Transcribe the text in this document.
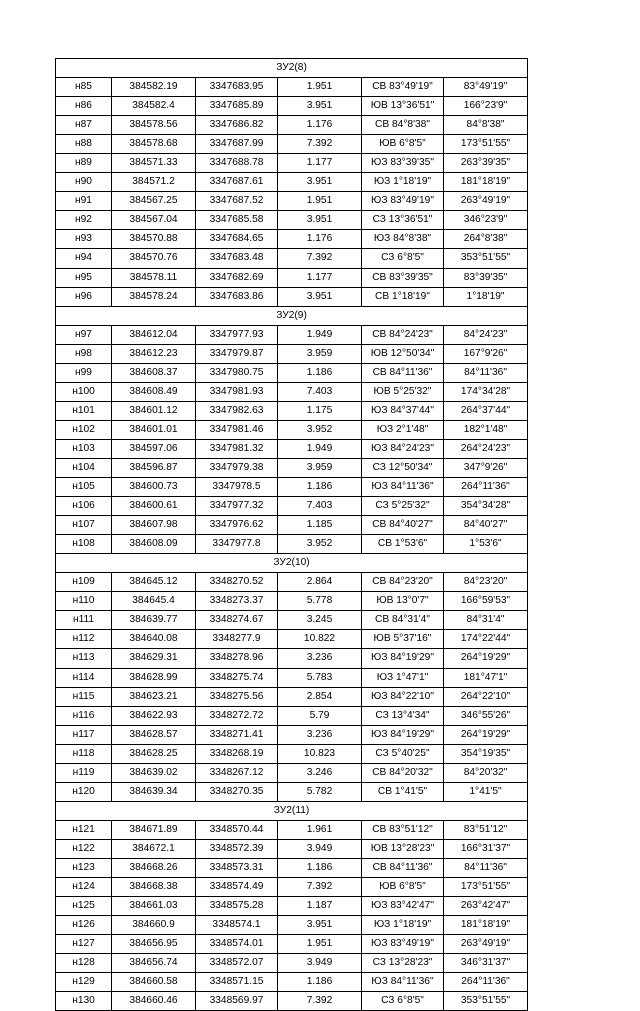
ЗУ2(8)					
н85	384582.19	3347683.95	1.951	СВ 83°49'19"	83°49'19"
н86	384582.4	3347685.89	3.951	ЮВ 13°36'51"	166°23'9"
н87	384578.56	3347686.82	1.176	СВ 84°8'38"	84°8'38"
н88	384578.68	3347687.99	7.392	ЮВ 6°8'5"	173°51'55"
н89	384571.33	3347688.78	1.177	ЮЗ 83°39'35"	263°39'35"
н90	384571.2	3347687.61	3.951	ЮЗ 1°18'19"	181°18'19"
н91	384567.25	3347687.52	1.951	ЮЗ 83°49'19"	263°49'19"
н92	384567.04	3347685.58	3.951	СЗ 13°36'51"	346°23'9"
н93	384570.88	3347684.65	1.176	ЮЗ 84°8'38"	264°8'38"
н94	384570.76	3347683.48	7.392	СЗ 6°8'5"	353°51'55"
н95	384578.11	3347682.69	1.177	СВ 83°39'35"	83°39'35"
н96	384578.24	3347683.86	3.951	СВ 1°18'19"	1°18'19"
ЗУ2(9)					
н97	384612.04	3347977.93	1.949	СВ 84°24'23"	84°24'23"
н98	384612.23	3347979.87	3.959	ЮВ 12°50'34"	167°9'26"
н99	384608.37	3347980.75	1.186	СВ 84°11'36"	84°11'36"
н100	384608.49	3347981.93	7.403	ЮВ 5°25'32"	174°34'28"
н101	384601.12	3347982.63	1.175	ЮЗ 84°37'44"	264°37'44"
н102	384601.01	3347981.46	3.952	ЮЗ 2°1'48"	182°1'48"
н103	384597.06	3347981.32	1.949	ЮЗ 84°24'23"	264°24'23"
н104	384596.87	3347979.38	3.959	СЗ 12°50'34"	347°9'26"
н105	384600.73	3347978.5	1.186	ЮЗ 84°11'36"	264°11'36"
н106	384600.61	3347977.32	7.403	СЗ 5°25'32"	354°34'28"
н107	384607.98	3347976.62	1.185	СВ 84°40'27"	84°40'27"
н108	384608.09	3347977.8	3.952	СВ 1°53'6"	1°53'6"
ЗУ2(10)					
н109	384645.12	3348270.52	2.864	СВ 84°23'20"	84°23'20"
н110	384645.4	3348273.37	5.778	ЮВ 13°0'7"	166°59'53"
н111	384639.77	3348274.67	3.245	СВ 84°31'4"	84°31'4"
н112	384640.08	3348277.9	10.822	ЮВ 5°37'16"	174°22'44"
н113	384629.31	3348278.96	3.236	ЮЗ 84°19'29"	264°19'29"
н114	384628.99	3348275.74	5.783	ЮЗ 1°47'1"	181°47'1"
н115	384623.21	3348275.56	2.854	ЮЗ 84°22'10"	264°22'10"
н116	384622.93	3348272.72	5.79	СЗ 13°4'34"	346°55'26"
н117	384628.57	3348271.41	3.236	ЮЗ 84°19'29"	264°19'29"
н118	384628.25	3348268.19	10.823	СЗ 5°40'25"	354°19'35"
н119	384639.02	3348267.12	3.246	СВ 84°20'32"	84°20'32"
н120	384639.34	3348270.35	5.782	СВ 1°41'5"	1°41'5"
ЗУ2(11)					
н121	384671.89	3348570.44	1.961	СВ 83°51'12"	83°51'12"
н122	384672.1	3348572.39	3.949	ЮВ 13°28'23"	166°31'37"
н123	384668.26	3348573.31	1.186	СВ 84°11'36"	84°11'36"
н124	384668.38	3348574.49	7.392	ЮВ 6°8'5"	173°51'55"
н125	384661.03	3348575.28	1.187	ЮЗ 83°42'47"	263°42'47"
н126	384660.9	3348574.1	3.951	ЮЗ 1°18'19"	181°18'19"
н127	384656.95	3348574.01	1.951	ЮЗ 83°49'19"	263°49'19"
н128	384656.74	3348572.07	3.949	СЗ 13°28'23"	346°31'37"
н129	384660.58	3348571.15	1.186	ЮЗ 84°11'36"	264°11'36"
н130	384660.46	3348569.97	7.392	СЗ 6°8'5"	353°51'55"
